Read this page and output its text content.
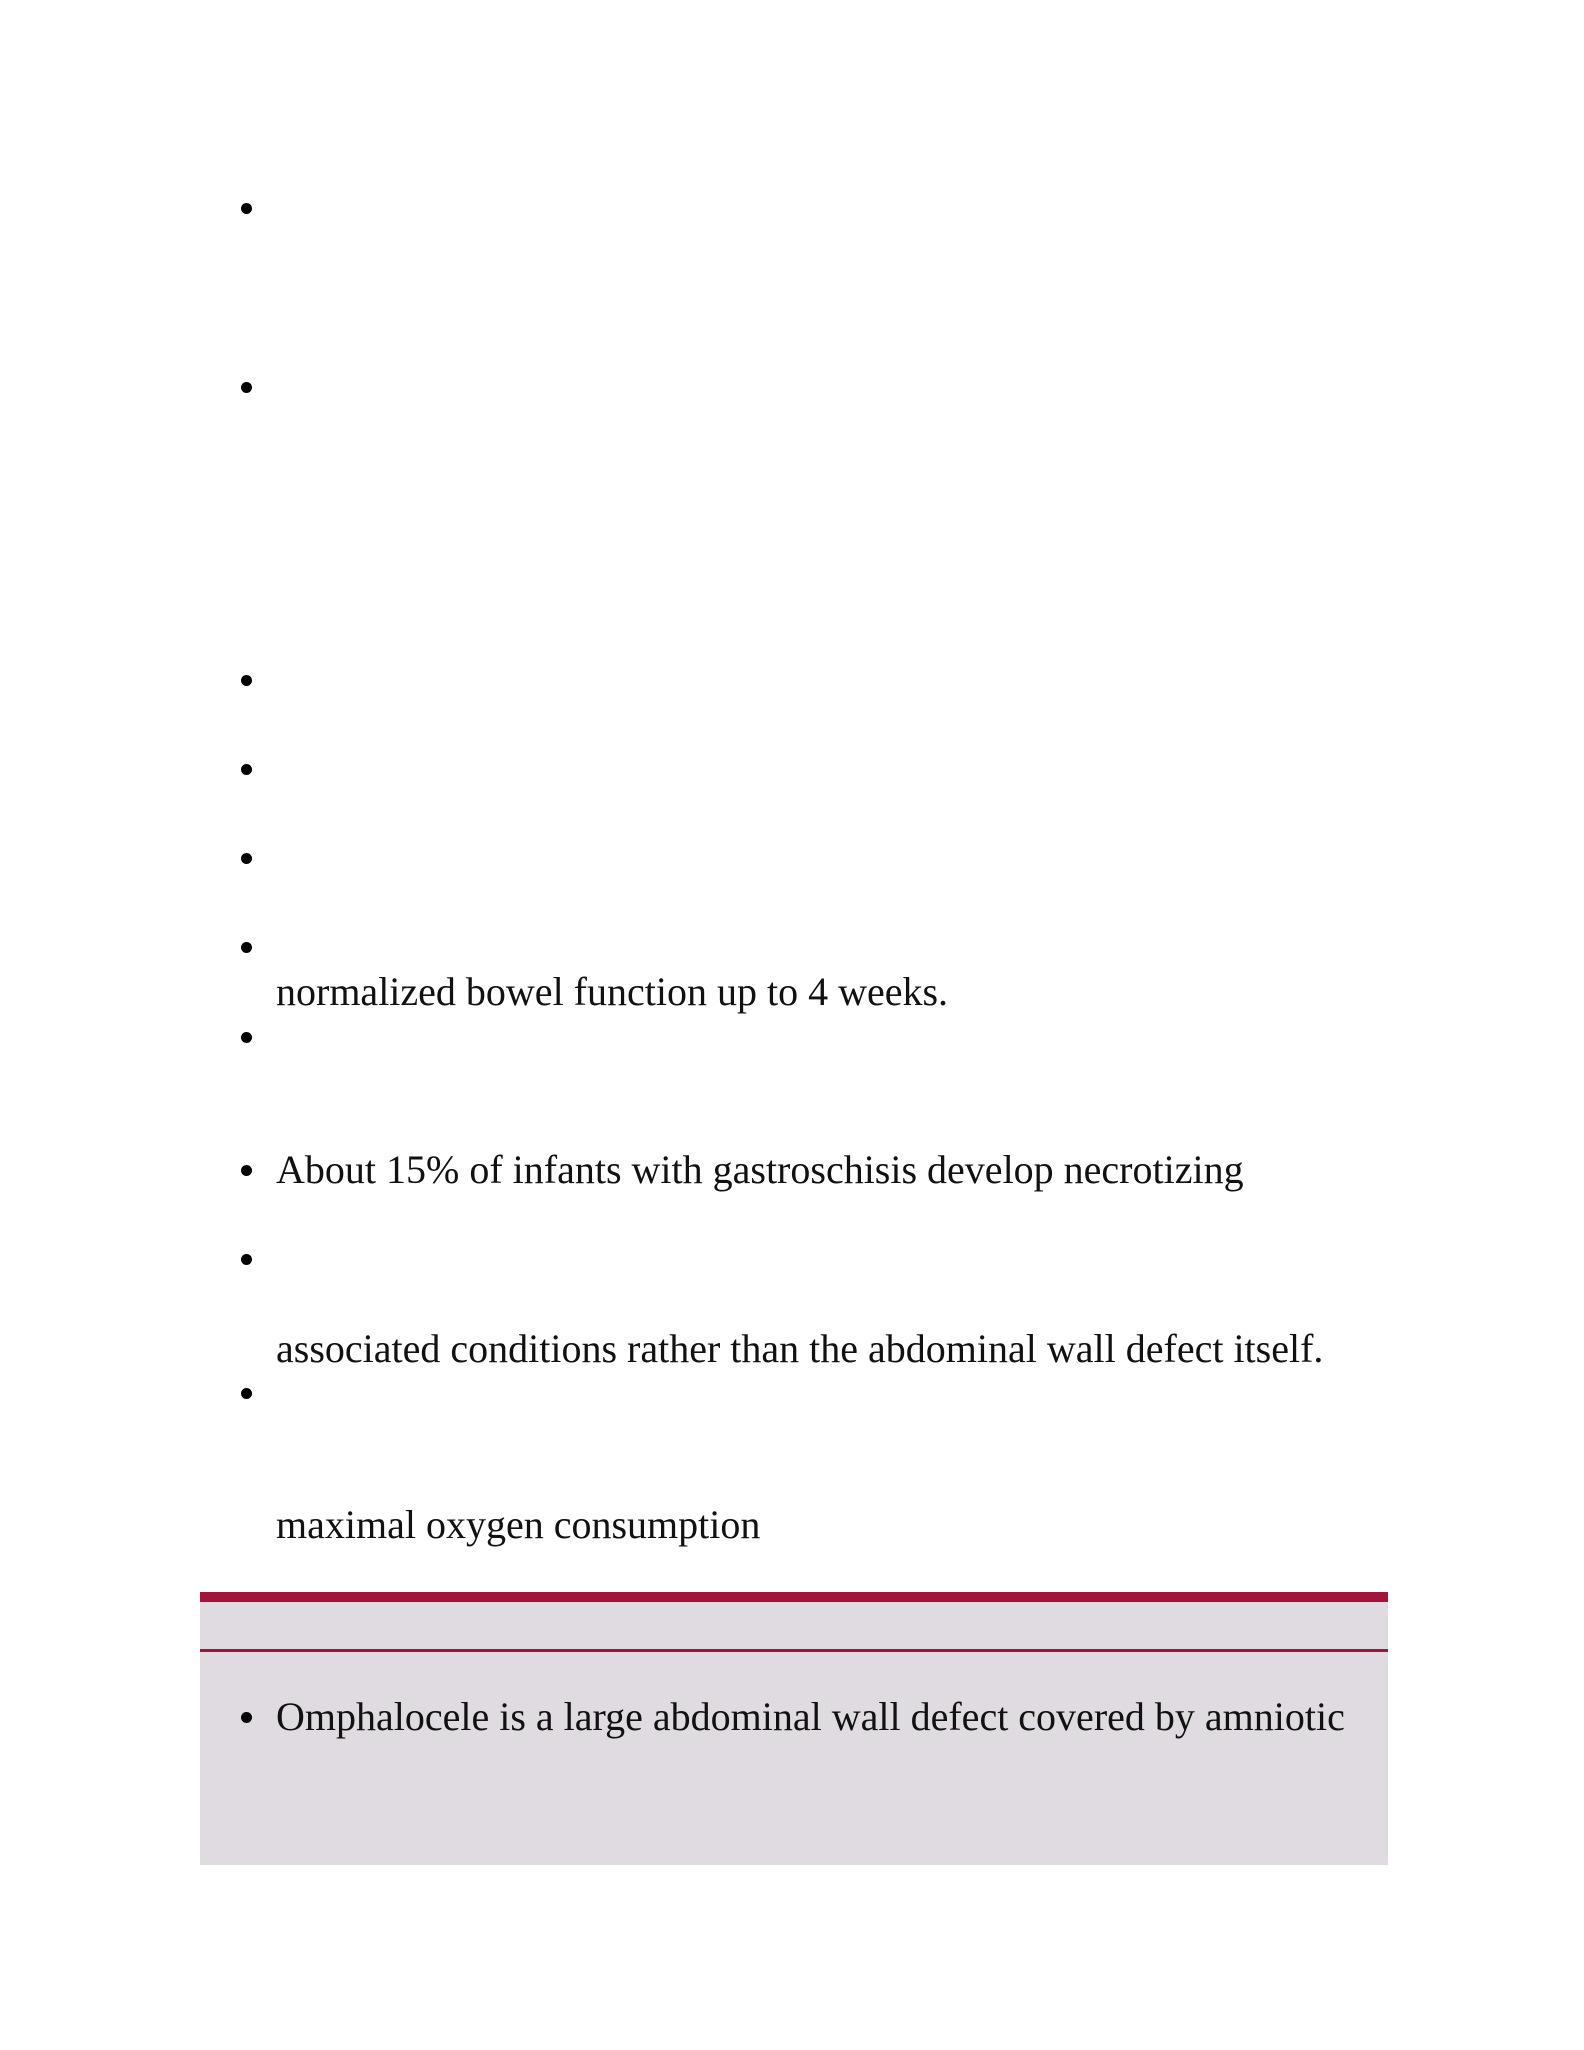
normalized bowel function up to 4 weeks.
About 15% of infants with gastroschisis develop necrotizing
associated conditions rather than the abdominal wall defect itself.
maximal oxygen consumption
Omphalocele is a large abdominal wall defect covered by amniotic
